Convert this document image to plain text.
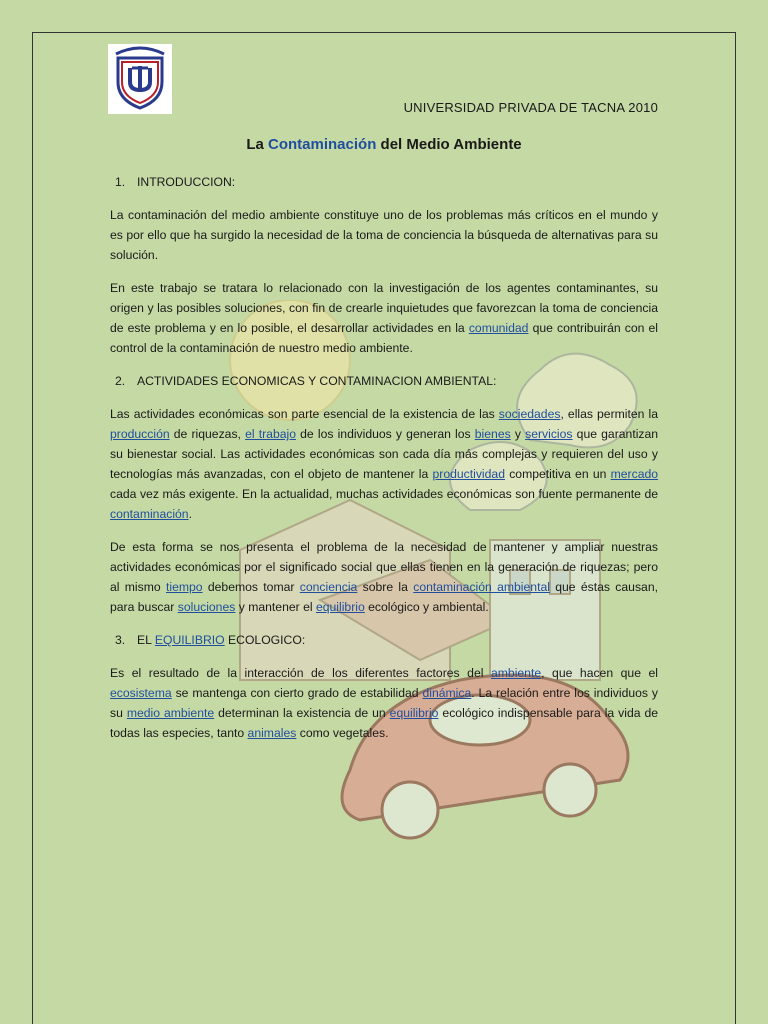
UNIVERSIDAD PRIVADA DE TACNA 2010
La Contaminación del Medio Ambiente
1. INTRODUCCION:

La contaminación del medio ambiente constituye uno de los problemas más críticos en el mundo y es por ello que ha surgido la necesidad de la toma de conciencia la búsqueda de alternativas para su solución.

En este trabajo se tratara lo relacionado con la investigación de los agentes contaminantes, su origen y las posibles soluciones, con fin de crearle inquietudes que favorezcan la toma de conciencia de este problema y en lo posible, el desarrollar actividades en la comunidad que contribuirán con el control de la contaminación de nuestro medio ambiente.

2. ACTIVIDADES ECONOMICAS Y CONTAMINACION AMBIENTAL:

Las actividades económicas son parte esencial de la existencia de las sociedades, ellas permiten la producción de riquezas, el trabajo de los individuos y generan los bienes y servicios que garantizan su bienestar social. Las actividades económicas son cada día más complejas y requieren del uso y tecnologías más avanzadas, con el objeto de mantener la productividad competitiva en un mercado cada vez más exigente. En la actualidad, muchas actividades económicas son fuente permanente de contaminación.

De esta forma se nos presenta el problema de la necesidad de mantener y ampliar nuestras actividades económicas por el significado social que ellas tienen en la generación de riquezas; pero al mismo tiempo debemos tomar conciencia sobre la contaminación ambiental que éstas causan, para buscar soluciones y mantener el equilibrio ecológico y ambiental.

3. EL EQUILIBRIO ECOLOGICO:

Es el resultado de la interacción de los diferentes factores del ambiente, que hacen que el ecosistema se mantenga con cierto grado de estabilidad dinámica. La relación entre los individuos y su medio ambiente determinan la existencia de un equilibrio ecológico indispensable para la vida de todas las especies, tanto animales como vegetales.
